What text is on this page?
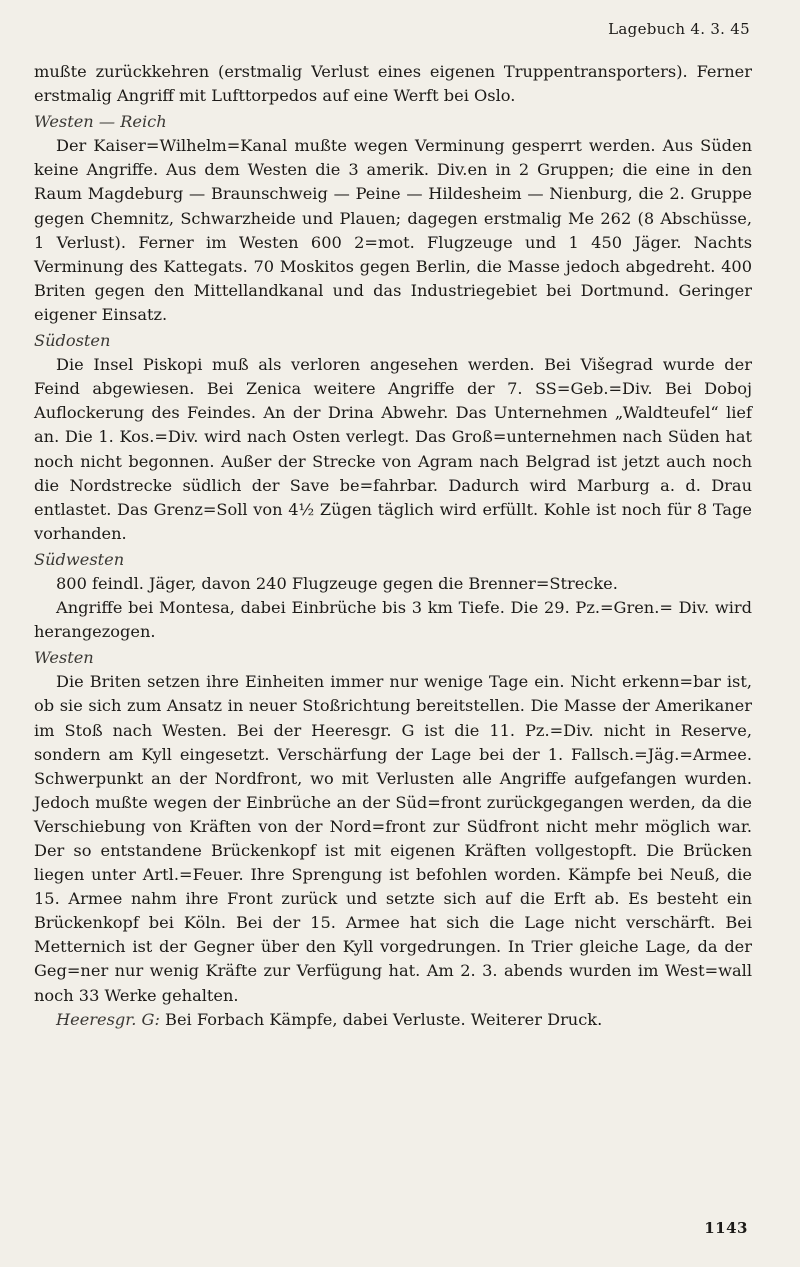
Lagebuch 4. 3. 45

mußte zurückkehren (erstmalig Verlust eines eigenen Truppentransporters). Ferner erstmalig Angriff mit Lufttorpedos auf eine Werft bei Oslo.

Westen — Reich

Der Kaiser=Wilhelm=Kanal mußte wegen Verminung gesperrt werden. Aus Süden keine Angriffe. Aus dem Westen die 3 amerik. Div.en in 2 Gruppen; die eine in den Raum Magdeburg — Braunschweig — Peine — Hildesheim — Nienburg, die 2. Gruppe gegen Chemnitz, Schwarzheide und Plauen; dagegen erstmalig Me 262 (8 Abschüsse, 1 Verlust). Ferner im Westen 600 2=mot. Flugzeuge und 1 450 Jäger. Nachts Verminung des Kattegats. 70 Moskitos gegen Berlin, die Masse jedoch abgedreht. 400 Briten gegen den Mittellandkanal und das Industriegebiet bei Dortmund. Geringer eigener Einsatz.

Südosten

Die Insel Piskopi muß als verloren angesehen werden. Bei Višegrad wurde der Feind abgewiesen. Bei Zenica weitere Angriffe der 7. SS=Geb.=Div. Bei Doboj Auflockerung des Feindes. An der Drina Abwehr. Das Unternehmen „Waldteufel“ lief an. Die 1. Kos.=Div. wird nach Osten verlegt. Das Groß=unternehmen nach Süden hat noch nicht begonnen. Außer der Strecke von Agram nach Belgrad ist jetzt auch noch die Nordstrecke südlich der Save be=fahrbar. Dadurch wird Marburg a. d. Drau entlastet. Das Grenz=Soll von 4½ Zügen täglich wird erfüllt. Kohle ist noch für 8 Tage vorhanden.

Südwesten

800 feindl. Jäger, davon 240 Flugzeuge gegen die Brenner=Strecke.

Angriffe bei Montesa, dabei Einbrüche bis 3 km Tiefe. Die 29. Pz.=Gren.= Div. wird herangezogen.

Westen

Die Briten setzen ihre Einheiten immer nur wenige Tage ein. Nicht erkenn=bar ist, ob sie sich zum Ansatz in neuer Stoßrichtung bereitstellen. Die Masse der Amerikaner im Stoß nach Westen. Bei der Heeresgr. G ist die 11. Pz.=Div. nicht in Reserve, sondern am Kyll eingesetzt. Verschärfung der Lage bei der 1. Fallsch.=Jäg.=Armee. Schwerpunkt an der Nordfront, wo mit Verlusten alle Angriffe aufgefangen wurden. Jedoch mußte wegen der Einbrüche an der Süd=front zurückgegangen werden, da die Verschiebung von Kräften von der Nord=front zur Südfront nicht mehr möglich war. Der so entstandene Brückenkopf ist mit eigenen Kräften vollgestopft. Die Brücken liegen unter Artl.=Feuer. Ihre Sprengung ist befohlen worden. Kämpfe bei Neuß, die 15. Armee nahm ihre Front zurück und setzte sich auf die Erft ab. Es besteht ein Brückenkopf bei Köln. Bei der 15. Armee hat sich die Lage nicht verschärft. Bei Metternich ist der Gegner über den Kyll vorgedrungen. In Trier gleiche Lage, da der Geg=ner nur wenig Kräfte zur Verfügung hat. Am 2. 3. abends wurden im West=wall noch 33 Werke gehalten.

Heeresgr. G: Bei Forbach Kämpfe, dabei Verluste. Weiterer Druck.

1143
